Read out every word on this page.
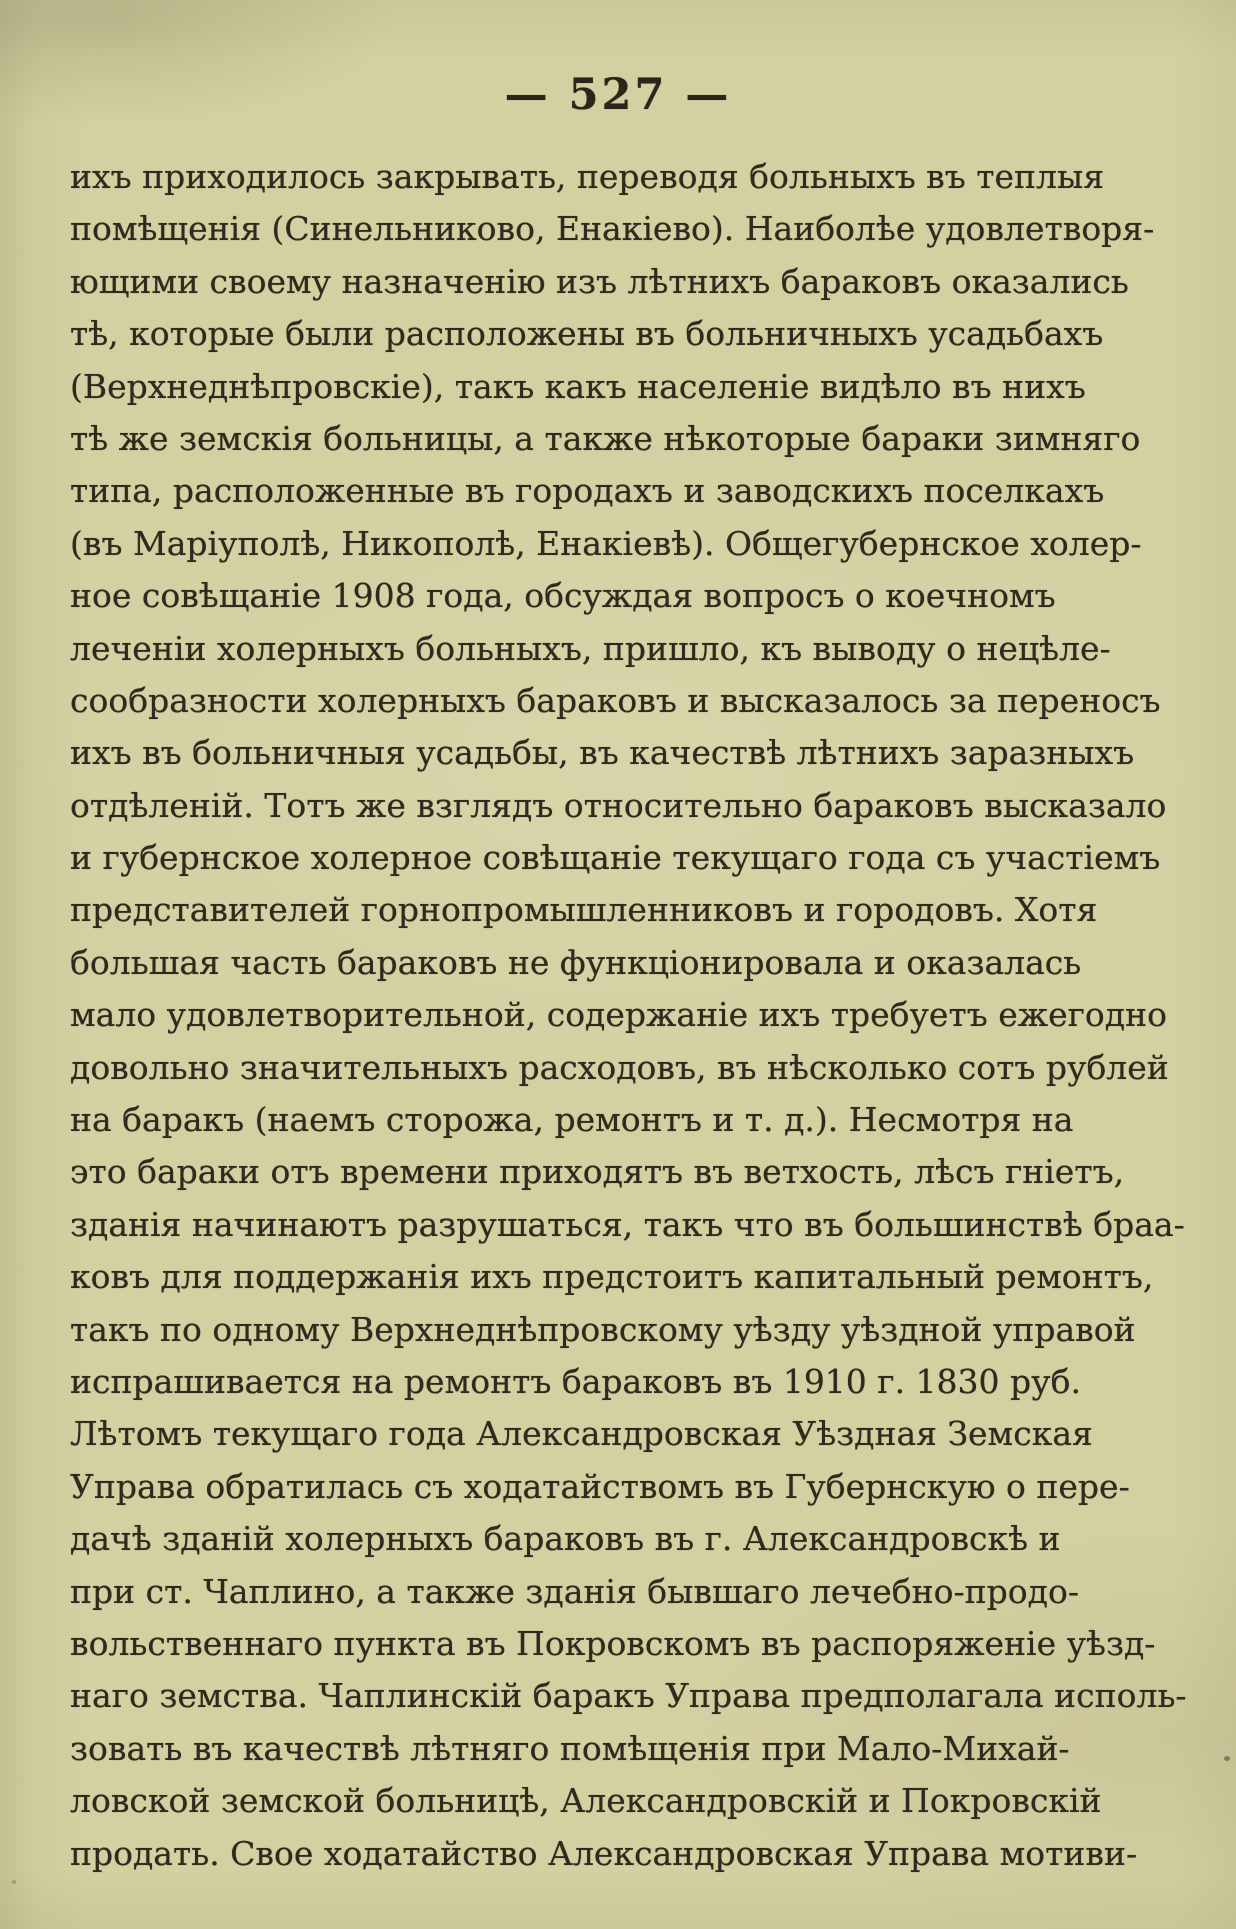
— 527 —
ихъ приходилось закрывать, переводя больныхъ въ теплыя
помѣщенія (Синельниково, Енакіево). Наиболѣе удовлетворя-
ющими своему назначенію изъ лѣтнихъ бараковъ оказались
тѣ, которые были расположены въ больничныхъ усадьбахъ
(Верхнеднѣпровскіе), такъ какъ населеніе видѣло въ нихъ
тѣ же земскія больницы, а также нѣкоторые бараки зимняго
типа, расположенные въ городахъ и заводскихъ поселкахъ
(въ Маріуполѣ, Никополѣ, Енакіевѣ). Общегубернское холер-
ное совѣщаніе 1908 года, обсуждая вопросъ о коечномъ
леченіи холерныхъ больныхъ, пришло, къ выводу о нецѣле-
сообразности холерныхъ бараковъ и высказалось за переносъ
ихъ въ больничныя усадьбы, въ качествѣ лѣтнихъ заразныхъ
отдѣленій. Тотъ же взглядъ относительно бараковъ высказало
и губернское холерное совѣщаніе текущаго года съ участіемъ
представителей горнопромышленниковъ и городовъ. Хотя
большая часть бараковъ не функціонировала и оказалась
мало удовлетворительной, содержаніе ихъ требуетъ ежегодно
довольно значительныхъ расходовъ, въ нѣсколько сотъ рублей
на баракъ (наемъ сторожа, ремонтъ и т. д.). Несмотря на
это бараки отъ времени приходятъ въ ветхость, лѣсъ гніетъ,
зданія начинаютъ разрушаться, такъ что въ большинствѣ браа-
ковъ для поддержанія ихъ предстоитъ капитальный ремонтъ,
такъ по одному Верхнеднѣпровскому уѣзду уѣздной управой
испрашивается на ремонтъ бараковъ въ 1910 г. 1830 руб.
Лѣтомъ текущаго года Александровская Уѣздная Земская
Управа обратилась съ ходатайствомъ въ Губернскую о пере-
дачѣ зданій холерныхъ бараковъ въ г. Александровскѣ и
при ст. Чаплино, а также зданія бывшаго лечебно-продо-
вольственнаго пункта въ Покровскомъ въ распоряженіе уѣзд-
наго земства. Чаплинскій баракъ Управа предполагала исполь-
зовать въ качествѣ лѣтняго помѣщенія при Мало-Михай-
ловской земской больницѣ, Александровскій и Покровскій
продать. Свое ходатайство Александровская Управа мотиви-
